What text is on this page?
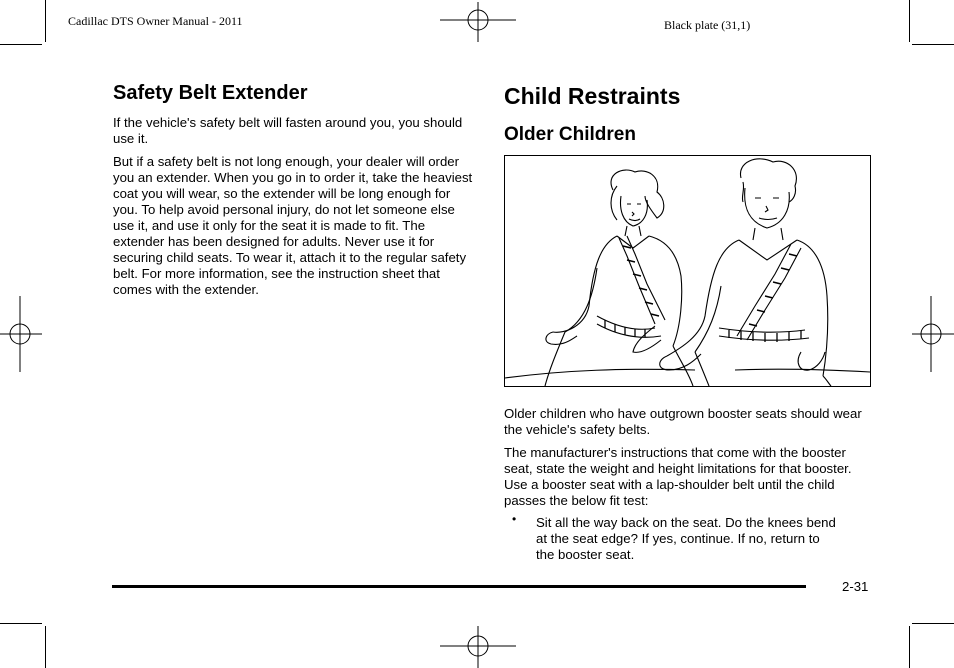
Cadillac DTS Owner Manual - 2011	Black plate (31,1)
Safety Belt Extender

If the vehicle's safety belt will fasten around you, you should use it.

But if a safety belt is not long enough, your dealer will order you an extender. When you go in to order it, take the heaviest coat you will wear, so the extender will be long enough for you. To help avoid personal injury, do not let someone else use it, and use it only for the seat it is made to fit. The extender has been designed for adults. Never use it for securing child seats. To wear it, attach it to the regular safety belt. For more information, see the instruction sheet that comes with the extender.

Child Restraints
Older Children

Older children who have outgrown booster seats should wear the vehicle's safety belts.

The manufacturer's instructions that come with the booster seat, state the weight and height limitations for that booster. Use a booster seat with a lap-shoulder belt until the child passes the below fit test:

• Sit all the way back on the seat. Do the knees bend at the seat edge? If yes, continue. If no, return to the booster seat.
2-31
